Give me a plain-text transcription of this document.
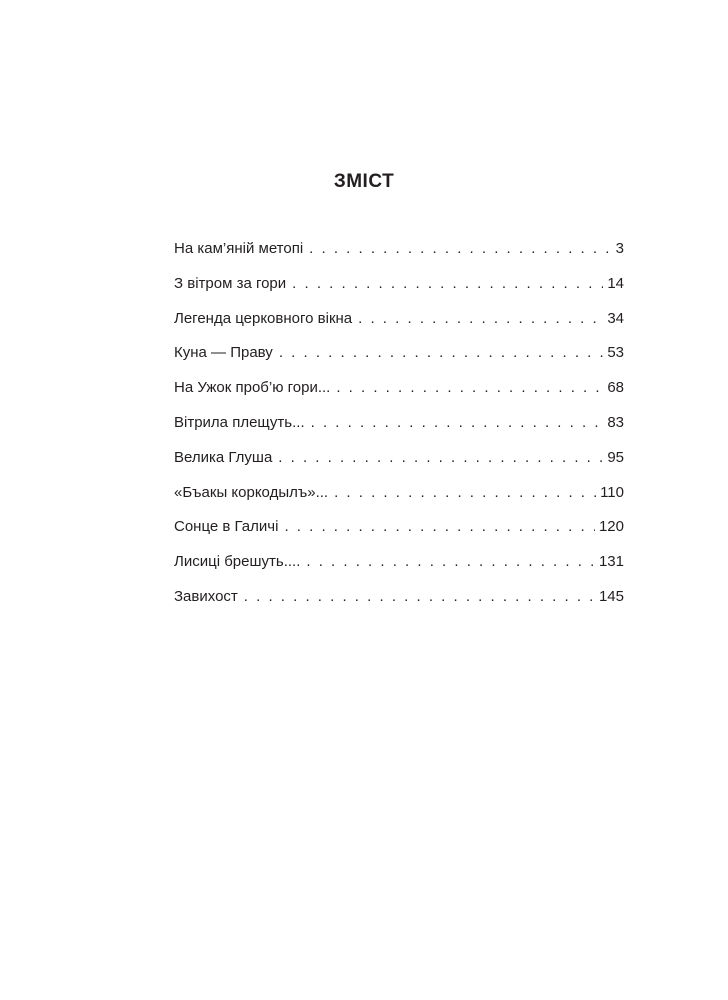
ЗМІСТ
На кам’яній метопі . . .	3
З вітром за гори . . .	14
Легенда церковного вікна . . .	34
Куна — Праву . . .	53
На Ужок проб’ю гори... . . .	68
Вітрила плещуть... . . .	83
Велика Глуша . . .	95
«Бъакы коркодылъ»... . . .	110
Сонце в Галичі . . .	120
Лисиці брешуть.... . . .	131
Завихост . . .	145
